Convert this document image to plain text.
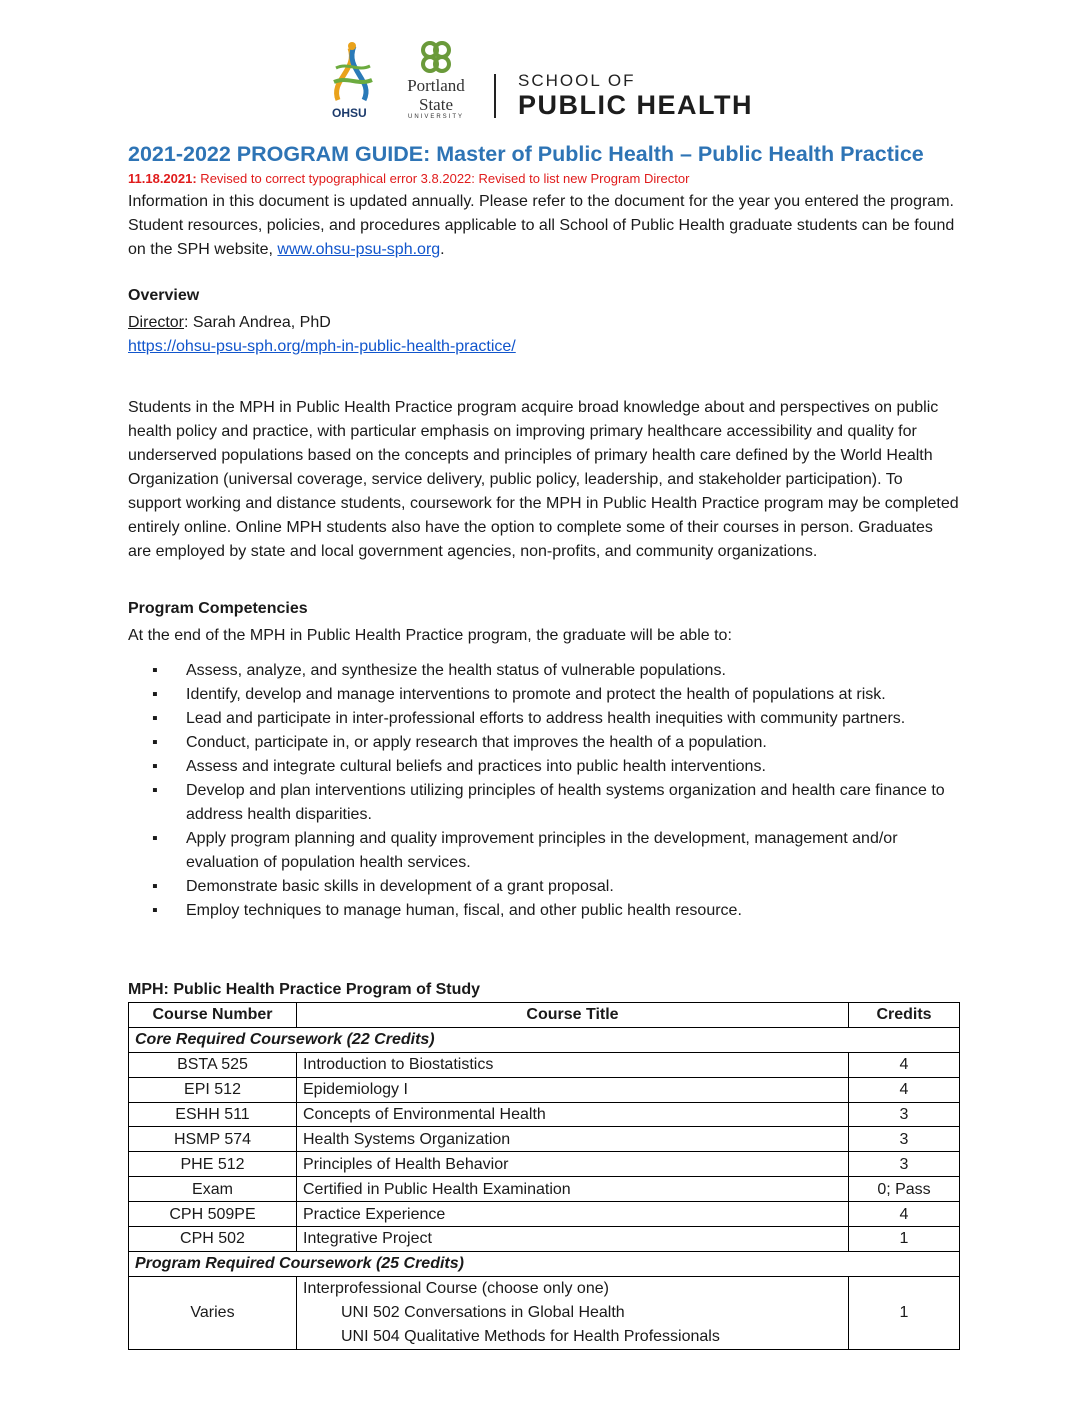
OHSU
Portland
State
UNIVERSITY
SCHOOL OF
PUBLIC HEALTH
2021-2022 PROGRAM GUIDE: Master of Public Health – Public Health Practice
11.18.2021: Revised to correct typographical error 3.8.2022: Revised to list new Program Director
Information in this document is updated annually. Please refer to the document for the year you entered the program. Student resources, policies, and procedures applicable to all School of Public Health graduate students can be found on the SPH website, www.ohsu-psu-sph.org.
Overview
Director: Sarah Andrea, PhD
https://ohsu-psu-sph.org/mph-in-public-health-practice/
Students in the MPH in Public Health Practice program acquire broad knowledge about and perspectives on public health policy and practice, with particular emphasis on improving primary healthcare accessibility and quality for underserved populations based on the concepts and principles of primary health care defined by the World Health Organization (universal coverage, service delivery, public policy, leadership, and stakeholder participation). To support working and distance students, coursework for the MPH in Public Health Practice program may be completed entirely online. Online MPH students also have the option to complete some of their courses in person. Graduates are employed by state and local government agencies, non-profits, and community organizations.
Program Competencies
At the end of the MPH in Public Health Practice program, the graduate will be able to:
▪ Assess, analyze, and synthesize the health status of vulnerable populations.
▪ Identify, develop and manage interventions to promote and protect the health of populations at risk.
▪ Lead and participate in inter-professional efforts to address health inequities with community partners.
▪ Conduct, participate in, or apply research that improves the health of a population.
▪ Assess and integrate cultural beliefs and practices into public health interventions.
▪ Develop and plan interventions utilizing principles of health systems organization and health care finance to address health disparities.
▪ Apply program planning and quality improvement principles in the development, management and/or evaluation of population health services.
▪ Demonstrate basic skills in development of a grant proposal.
▪ Employ techniques to manage human, fiscal, and other public health resource.
MPH: Public Health Practice Program of Study
Course Number	Course Title	Credits
Core Required Coursework (22 Credits)		
BSTA 525	Introduction to Biostatistics	4
EPI 512	Epidemiology I	4
ESHH 511	Concepts of Environmental Health	3
HSMP 574	Health Systems Organization	3
PHE 512	Principles of Health Behavior	3
Exam	Certified in Public Health Examination	0; Pass
CPH 509PE	Practice Experience	4
CPH 502	Integrative Project	1
Program Required Coursework (25 Credits)		
Varies	Interprofessional Course (choose only one)
UNI 502 Conversations in Global Health
UNI 504 Qualitative Methods for Health Professionals	1
